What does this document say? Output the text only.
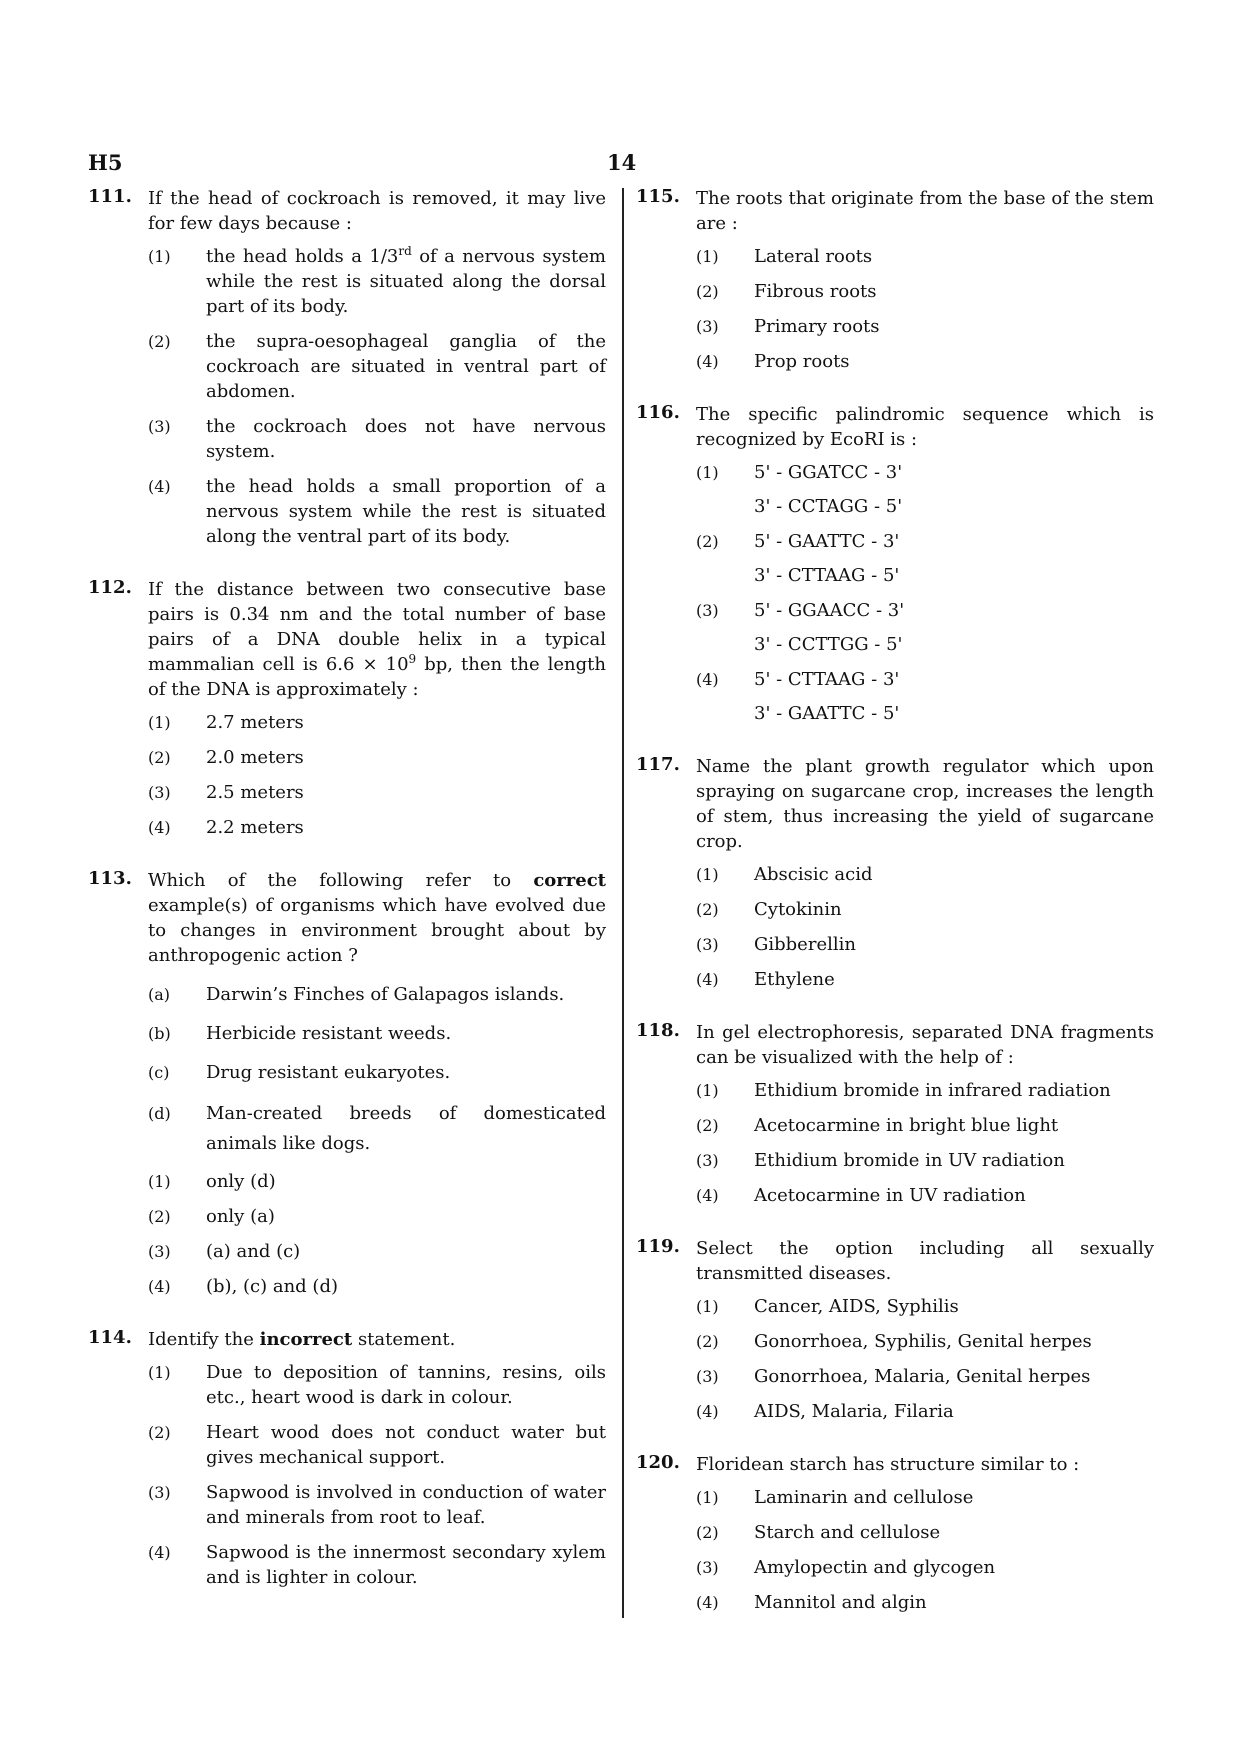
H5	14
111. If the head of cockroach is removed, it may live for few days because :
(1) the head holds a 1/3rd of a nervous system while the rest is situated along the dorsal part of its body.
(2) the supra-oesophageal ganglia of the cockroach are situated in ventral part of abdomen.
(3) the cockroach does not have nervous system.
(4) the head holds a small proportion of a nervous system while the rest is situated along the ventral part of its body.
112. If the distance between two consecutive base pairs is 0.34 nm and the total number of base pairs of a DNA double helix in a typical mammalian cell is $6.6 \times 10^9$ bp, then the length of the DNA is approximately :
(1) 2.7 meters
(2) 2.0 meters
(3) 2.5 meters
(4) 2.2 meters
113. Which of the following refer to correct example(s) of organisms which have evolved due to changes in environment brought about by anthropogenic action ?
(a) Darwin’s Finches of Galapagos islands.
(b) Herbicide resistant weeds.
(c) Drug resistant eukaryotes.
(d) Man-created breeds of domesticated animals like dogs.
(1) only (d)
(2) only (a)
(3) (a) and (c)
(4) (b), (c) and (d)
114. Identify the incorrect statement.
(1) Due to deposition of tannins, resins, oils etc., heart wood is dark in colour.
(2) Heart wood does not conduct water but gives mechanical support.
(3) Sapwood is involved in conduction of water and minerals from root to leaf.
(4) Sapwood is the innermost secondary xylem and is lighter in colour.
115. The roots that originate from the base of the stem are :
(1) Lateral roots
(2) Fibrous roots
(3) Primary roots
(4) Prop roots
116. The specific palindromic sequence which is recognized by EcoRI is :
(1) 5' - GGATCC - 3'
3' - CCTAGG - 5'
(2) 5' - GAATTC - 3'
3' - CTTAAG - 5'
(3) 5' - GGAACC - 3'
3' - CCTTGG - 5'
(4) 5' - CTTAAG - 3'
3' - GAATTC - 5'
117. Name the plant growth regulator which upon spraying on sugarcane crop, increases the length of stem, thus increasing the yield of sugarcane crop.
(1) Abscisic acid
(2) Cytokinin
(3) Gibberellin
(4) Ethylene
118. In gel electrophoresis, separated DNA fragments can be visualized with the help of :
(1) Ethidium bromide in infrared radiation
(2) Acetocarmine in bright blue light
(3) Ethidium bromide in UV radiation
(4) Acetocarmine in UV radiation
119. Select the option including all sexually transmitted diseases.
(1) Cancer, AIDS, Syphilis
(2) Gonorrhoea, Syphilis, Genital herpes
(3) Gonorrhoea, Malaria, Genital herpes
(4) AIDS, Malaria, Filaria
120. Floridean starch has structure similar to :
(1) Laminarin and cellulose
(2) Starch and cellulose
(3) Amylopectin and glycogen
(4) Mannitol and algin
